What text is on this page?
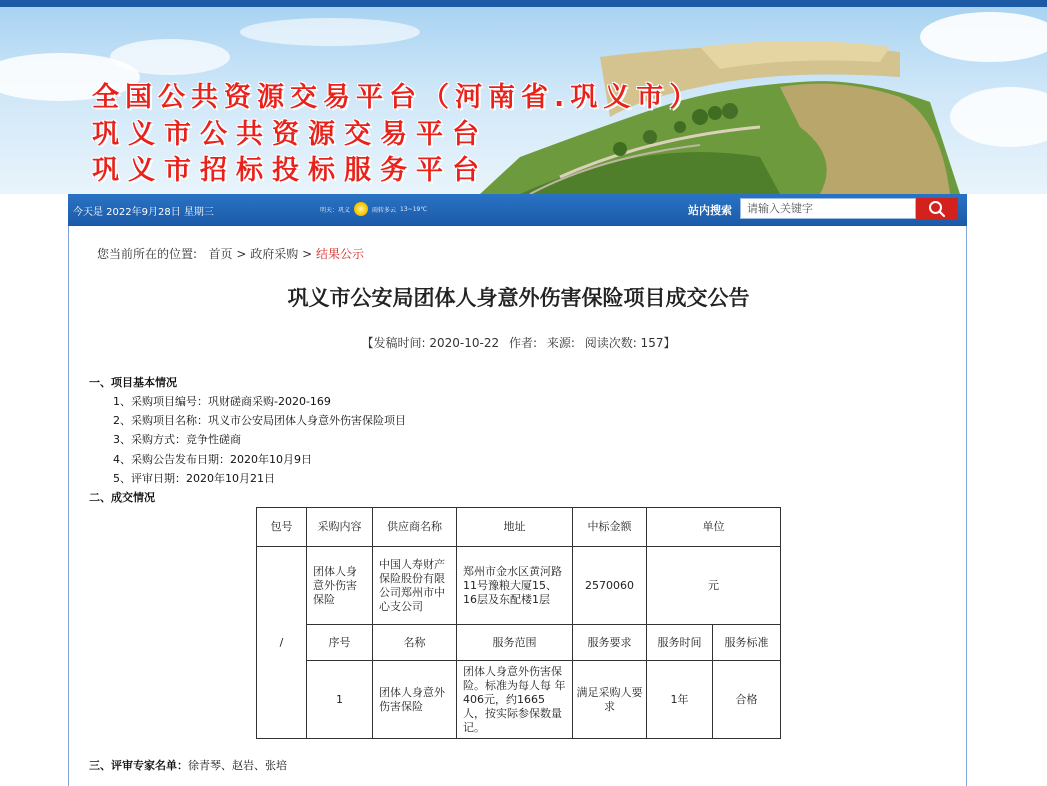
全国公共资源交易平台（河南省.巩义市）
巩义市公共资源交易平台
巩义市招标投标服务平台
今天是 2022年9月28日 星期三	明天：巩义	雨转多云 13~19℃	站内搜索
请输入关键字
您当前所在的位置: 首页 > 政府采购 > 结果公示
巩义市公安局团体人身意外伤害保险项目成交公告
【发稿时间: 2020-10-22 作者: 来源: 阅读次数: 157】
一、项目基本情况
1、采购项目编号：巩财磋商采购-2020-169
2、采购项目名称：巩义市公安局团体人身意外伤害保险项目
3、采购方式：竞争性磋商
4、采购公告发布日期：2020年10月9日
5、评审日期：2020年10月21日
二、成交情况
包号	采购内容	供应商名称	地址	中标金额	单位	
/	团体人身意外伤害保险	中国人寿财产保险股份有限公司郑州市中心支公司	郑州市金水区黄河路11号豫粮大厦15、16层及东配楼1层	2570060	元	
	序号	名称	服务范围	服务要求	服务时间	服务标准
	1	团体人身意外伤害保险	团体人身意外伤害保险。标准为每人每 年406元，约1665人，按实际参保数量记。	满足采购人要求	1年	合格
三、评审专家名单：徐青琴、赵岩、张培
